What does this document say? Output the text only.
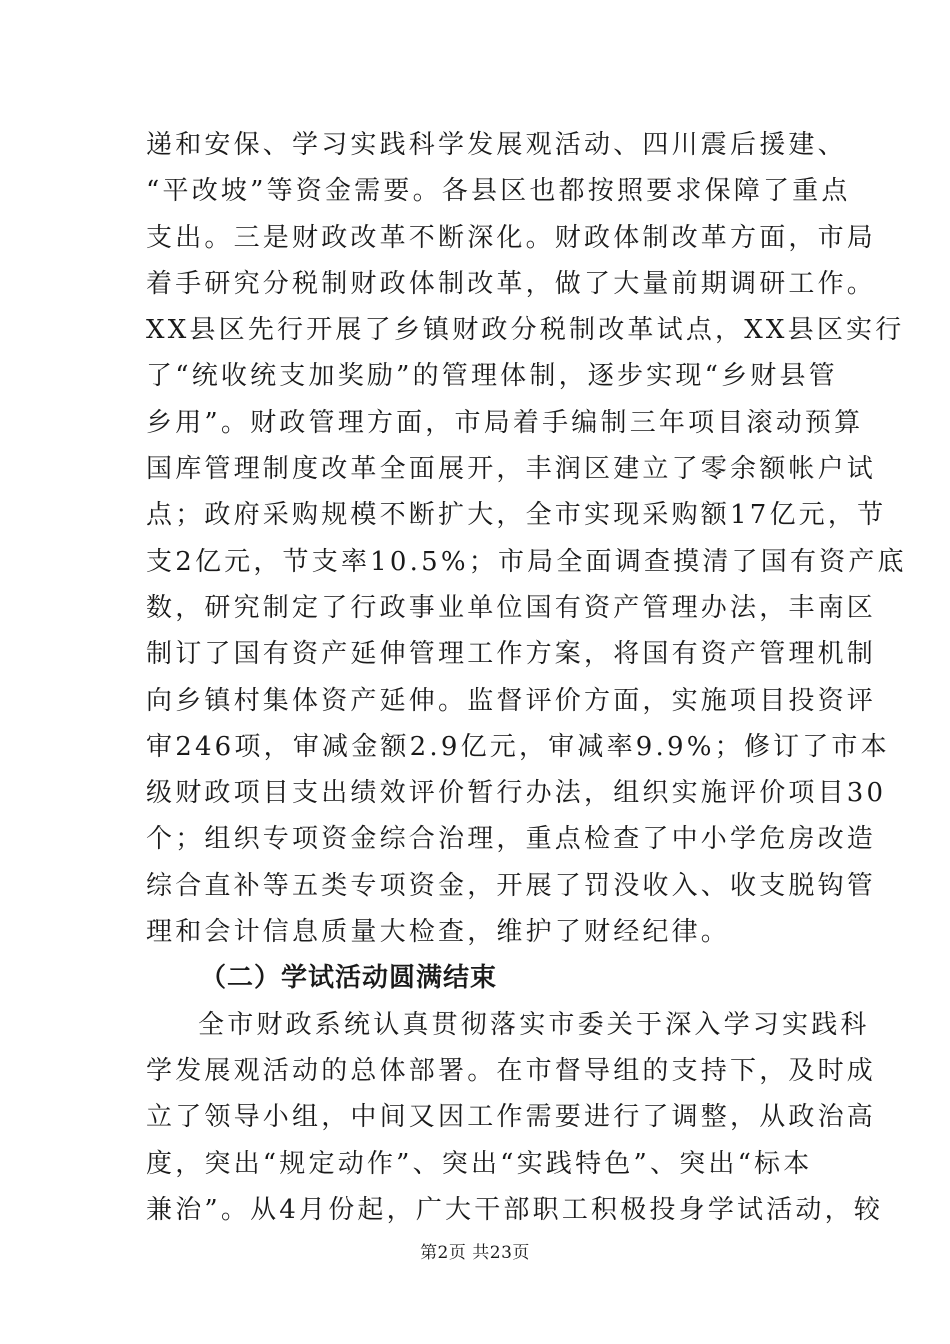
递和安保、学习实践科学发展观活动、四川震后援建、
“平改坡”等资金需要。各县区也都按照要求保障了重点
支出。三是财政改革不断深化。财政体制改革方面，市局
着手研究分税制财政体制改革，做了大量前期调研工作。
XX县区先行开展了乡镇财政分税制改革试点，XX县区实行
了“统收统支加奖励”的管理体制，逐步实现“乡财县管
乡用”。财政管理方面，市局着手编制三年项目滚动预算
国库管理制度改革全面展开，丰润区建立了零余额帐户试
点；政府采购规模不断扩大，全市实现采购额17亿元，节
支2亿元，节支率10.5%；市局全面调查摸清了国有资产底
数，研究制定了行政事业单位国有资产管理办法，丰南区
制订了国有资产延伸管理工作方案，将国有资产管理机制
向乡镇村集体资产延伸。监督评价方面，实施项目投资评
审246项，审减金额2.9亿元，审减率9.9%；修订了市本
级财政项目支出绩效评价暂行办法，组织实施评价项目30
个；组织专项资金综合治理，重点检查了中小学危房改造
综合直补等五类专项资金，开展了罚没收入、收支脱钩管
理和会计信息质量大检查，维护了财经纪律。
（二）学试活动圆满结束
全市财政系统认真贯彻落实市委关于深入学习实践科
学发展观活动的总体部署。在市督导组的支持下，及时成
立了领导小组，中间又因工作需要进行了调整，从政治高
度，突出“规定动作”、突出“实践特色”、突出“标本
兼治”。从4月份起，广大干部职工积极投身学试活动，较
第2页 共23页
